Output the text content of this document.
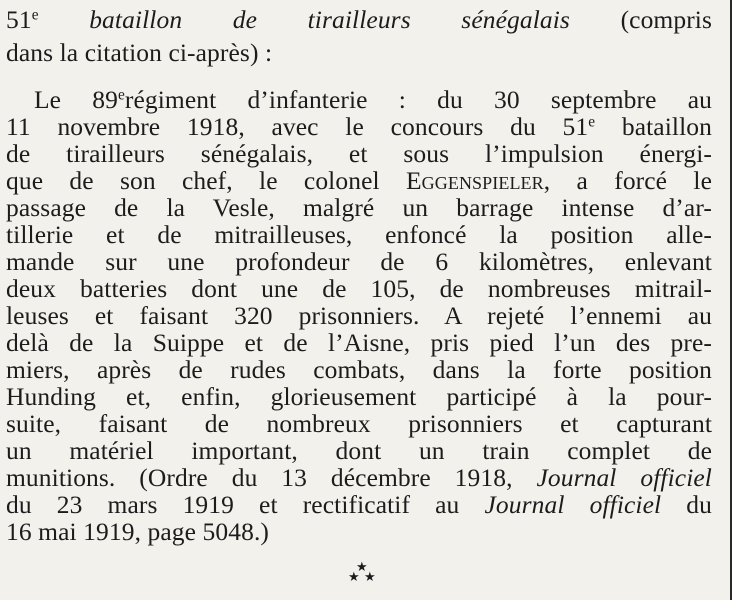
51e bataillon de tirailleurs sénégalais (compris
dans la citation ci-après) :
Le 89erégiment d’infanterie : du 30 septembre au
11 novembre 1918, avec le concours du 51e bataillon
de tirailleurs sénégalais, et sous l’impulsion énergi-
que de son chef, le colonel Eggenspieler, a forcé le
passage de la Vesle, malgré un barrage intense d’ar-
tillerie et de mitrailleuses, enfoncé la position alle-
mande sur une profondeur de 6 kilomètres, enlevant
deux batteries dont une de 105, de nombreuses mitrail-
leuses et faisant 320 prisonniers. A rejeté l’ennemi au
delà de la Suippe et de l’Aisne, pris pied l’un des pre-
miers, après de rudes combats, dans la forte position
Hunding et, enfin, glorieusement participé à la pour-
suite, faisant de nombreux prisonniers et capturant
un matériel important, dont un train complet de
munitions. (Ordre du 13 décembre 1918, Journal officiel
du 23 mars 1919 et rectificatif au Journal officiel du
16 mai 1919, page 5048.)
★
★ ★
